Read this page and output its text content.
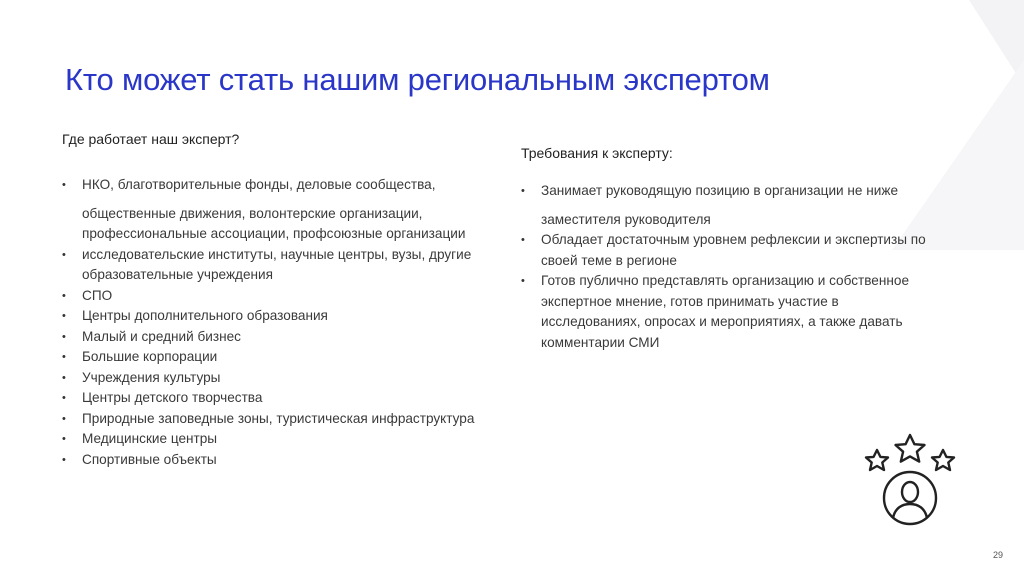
Кто может стать нашим региональным экспертом

Где работает наш эксперт?

• НКО, благотворительные фонды, деловые сообщества,
общественные движения, волонтерские организации,
профессиональные ассоциации, профсоюзные организации
• исследовательские институты, научные центры, вузы, другие
образовательные учреждения
• СПО
• Центры дополнительного образования
• Малый и средний бизнес
• Большие корпорации
• Учреждения культуры
• Центры детского творчества
• Природные заповедные зоны, туристическая инфраструктура
• Медицинские центры
• Спортивные объекты

Требования к эксперту:

• Занимает руководящую позицию в организации не ниже
заместителя руководителя
• Обладает достаточным уровнем рефлексии и экспертизы по
своей теме в регионе
• Готов публично представлять организацию и собственное
экспертное мнение, готов принимать участие в
исследованиях, опросах и мероприятиях, а также давать
комментарии СМИ
29
